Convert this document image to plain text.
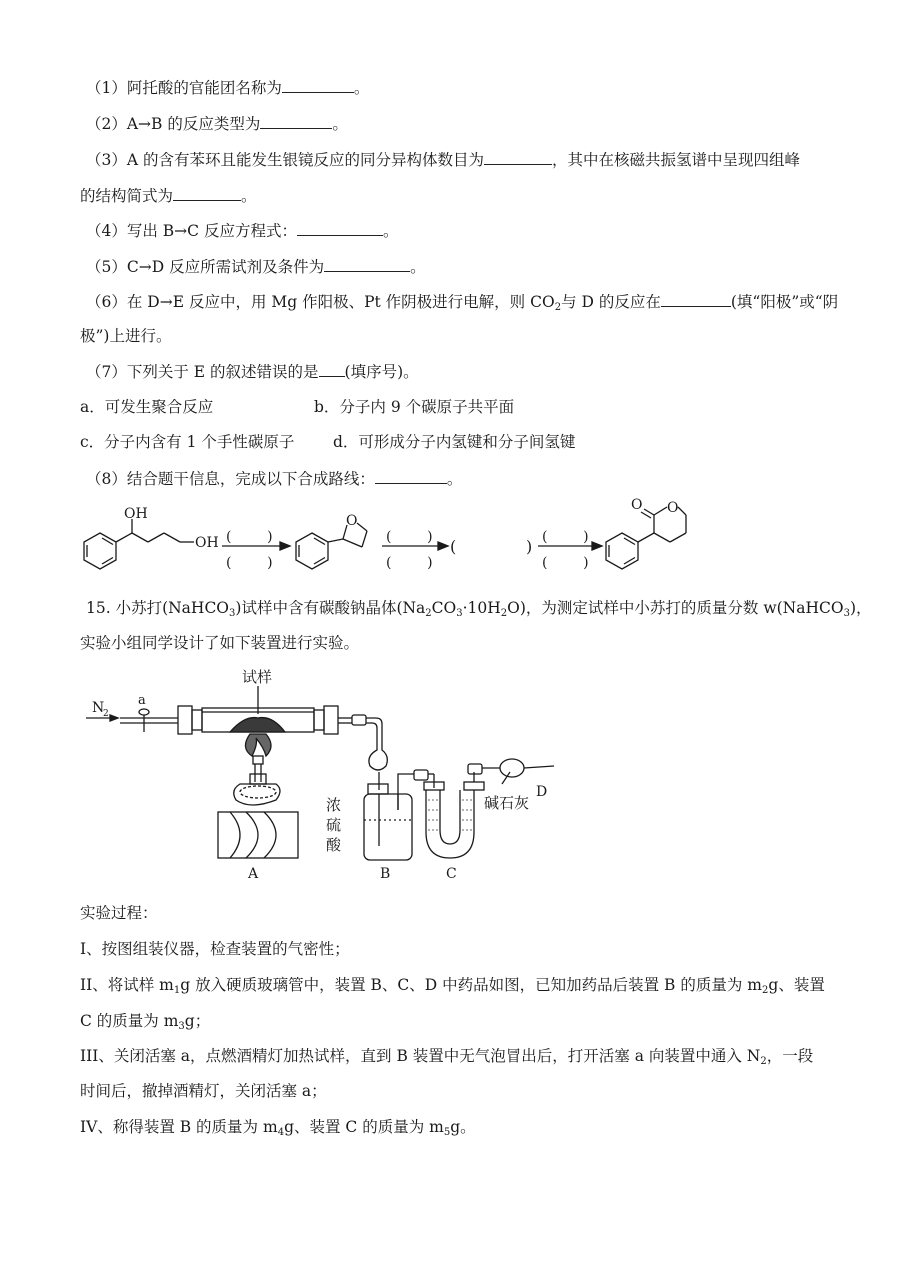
（1）阿托酸的官能团名称为	。
（2）A→B 的反应类型为	。
（3）A 的含有苯环且能发生银镜反应的同分异构体数目为	，其中在核磁共振氢谱中呈现四组峰
的结构简式为	。
（4）写出 B→C 反应方程式：	。
（5）C→D 反应所需试剂及条件为	。
（6）在 D→E 反应中，用 Mg 作阳极、Pt 作阴极进行电解，则 $CO_2$与 D 的反应在	(填“阳极”或“阴
极”)上进行。
（7）下列关于 E 的叙述错误的是 (填序号)。
a．可发生聚合反应	b．分子内 9 个碳原子共平面
c．分子内含有 1 个手性碳原子 d．可形成分子内氢键和分子间氢键
（8）结合题干信息，完成以下合成路线：	。
OH
OH (        )
(        )
O
(        )
(        )
(	) (        )
(        )
O
O
15. 小苏打(NaHCO$_3$)试样中含有碳酸钠晶体$(Na_2CO_3\cdot 10H_2O)$，为测定试样中小苏打的质量分数 w(NaHCO$_3$)，
实验小组同学设计了如下装置进行实验。
N
2
a
试样
A
浓
硫
酸
B	C
D
碱石灰
实验过程：
I、按图组装仪器，检查装置的气密性；
II、将试样 $m_1g$ 放入硬质玻璃管中，装置 B、C、D 中药品如图，已知加药品后装置 B 的质量为 $m_2g$、装置
C 的质量为 $m_3g$；
III、关闭活塞 a，点燃酒精灯加热试样，直到 B 装置中无气泡冒出后，打开活塞 a 向装置中通入 $N_2$，一段
时间后，撤掉酒精灯，关闭活塞 a；
IV、称得装置 B 的质量为 $m_4g$、装置 C 的质量为 $m_5g$。
